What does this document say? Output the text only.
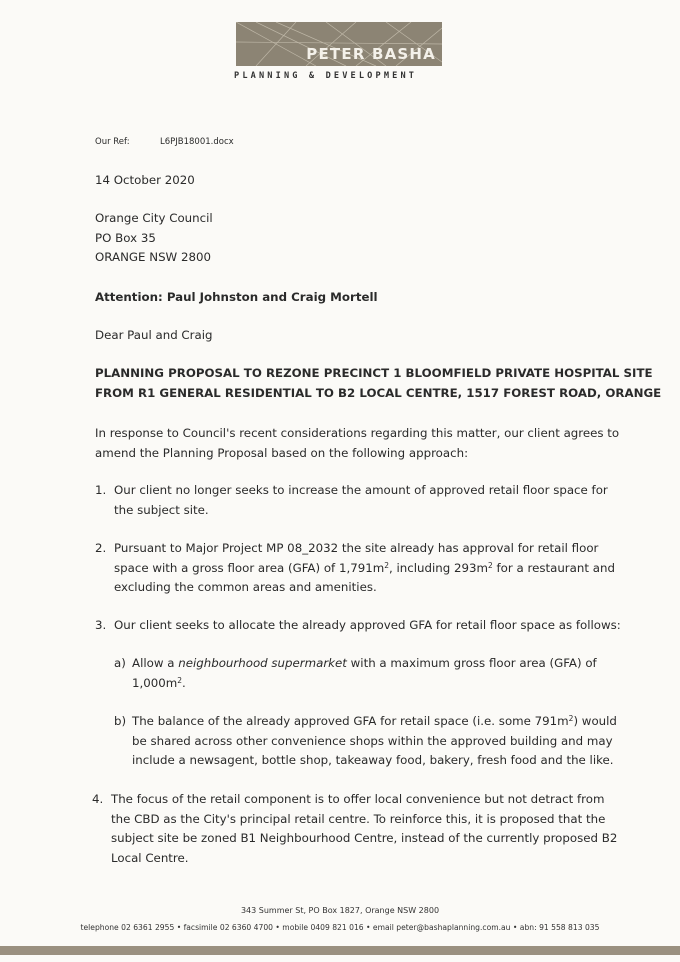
PETER BASHA
PLANNING & DEVELOPMENT
Our Ref:	L6PJB18001.docx
14 October 2020
Orange City Council
PO Box 35
ORANGE NSW 2800
Attention: Paul Johnston and Craig Mortell
Dear Paul and Craig
PLANNING PROPOSAL TO REZONE PRECINCT 1 BLOOMFIELD PRIVATE HOSPITAL SITE
FROM R1 GENERAL RESIDENTIAL TO B2 LOCAL CENTRE, 1517 FOREST ROAD, ORANGE
In response to Council's recent considerations regarding this matter, our client agrees to
amend the Planning Proposal based on the following approach:
1. Our client no longer seeks to increase the amount of approved retail floor space for
the subject site.
2. Pursuant to Major Project MP 08_2032 the site already has approval for retail floor
space with a gross floor area (GFA) of $1,791m^2$, including $293m^2$ for a restaurant and
excluding the common areas and amenities.
3. Our client seeks to allocate the already approved GFA for retail floor space as follows:
a) Allow a neighbourhood supermarket with a maximum gross floor area (GFA) of
$1,000m^2$.
b) The balance of the already approved GFA for retail space (i.e. some $791m^2$) would
be shared across other convenience shops within the approved building and may
include a newsagent, bottle shop, takeaway food, bakery, fresh food and the like.
4. The focus of the retail component is to offer local convenience but not detract from
the CBD as the City's principal retail centre. To reinforce this, it is proposed that the
subject site be zoned B1 Neighbourhood Centre, instead of the currently proposed B2
Local Centre.
343 Summer St, PO Box 1827, Orange NSW 2800
telephone 02 6361 2955 • facsimile 02 6360 4700 • mobile 0409 821 016 • email peter@bashaplanning.com.au • abn: 91 558 813 035
